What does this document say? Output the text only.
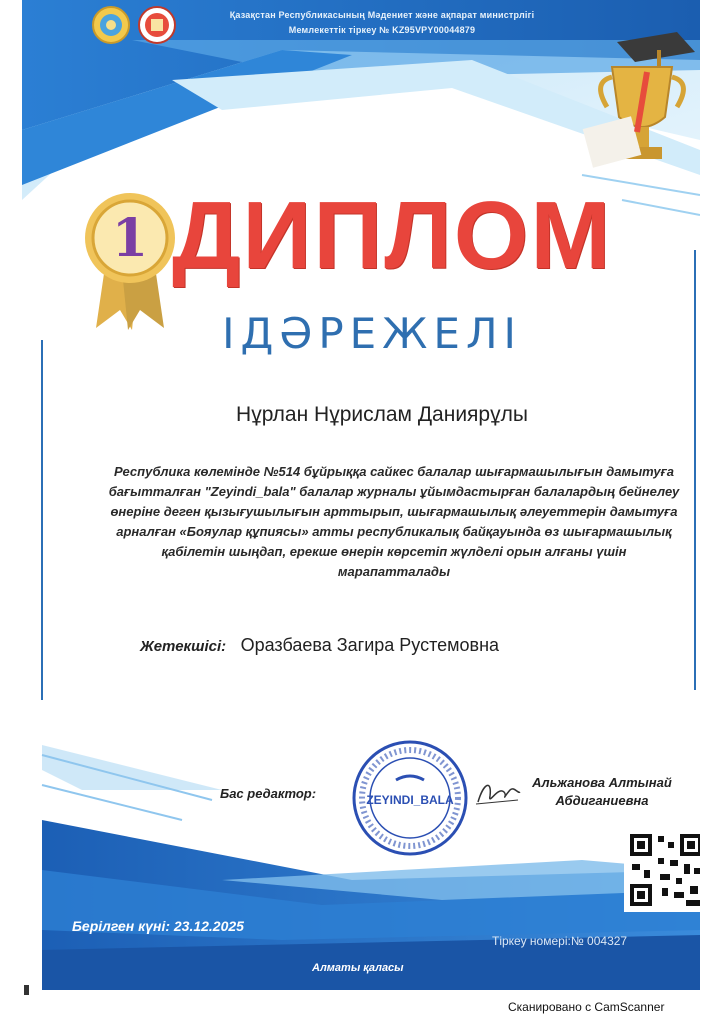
Қазақстан Республикасының Мәдениет және ақпарат министрлігі
Мемлекеттік тіркеу № KZ95VPY00044879
1 ДИПЛОМ
ІДӘРЕЖЕЛІ
Нұрлан Нұрислам Даниярұлы
Республика көлемінде №514 бұйрыққа сайкес балалар шығармашылығын дамытуға
бағытталған "Zeyindi_bala" балалар журналы ұйымдастырған балалардың бейнелеу
өнеріне деген қызығушылығын арттырып, шығармашылық әлеуеттерін дамытуға
арналған «Бояулар құпиясы» атты республикалық байқауында өз шығармашылық
қабілетін шыңдап, ерекше өнерін көрсетіп жүлделі орын алғаны үшін
марапатталады
Жетекшісі: Оразбаева Загира Рустемовна
Бас редактор:	ZEYINDI_BALA
Альжанова Алтынай
Абдиганиевна
Берілген күні: 23.12.2025
Тіркеу номері:№ 004327
Алматы қаласы
Сканировано с CamScanner
